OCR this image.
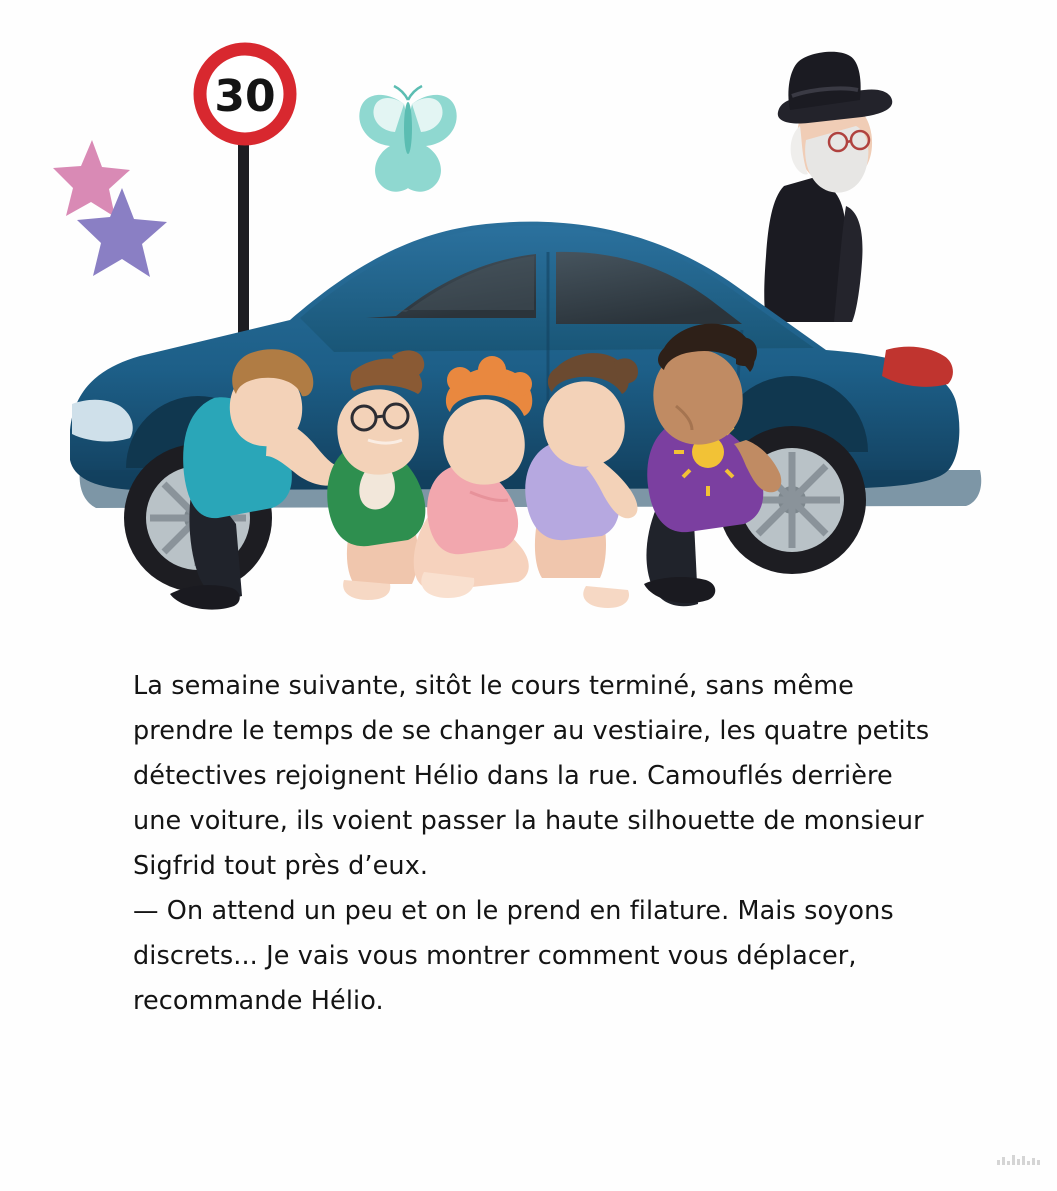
30

La semaine suivante, sitôt le cours terminé, sans même prendre le temps de se changer au vestiaire, les quatre petits détectives rejoignent Hélio dans la rue. Camouflés derrière une voiture, ils voient passer la haute silhouette de monsieur Sigfrid tout près d’eux.

— On attend un peu et on le prend en filature. Mais soyons discrets... Je vais vous montrer comment vous déplacer, recommande Hélio.
